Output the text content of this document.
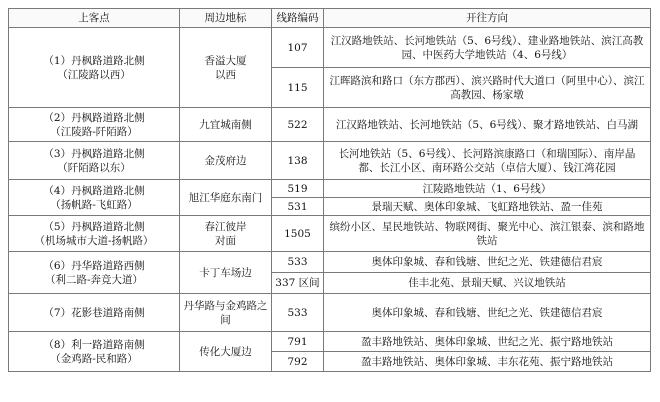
上客点	周边地标	线路编码	开往方向

（1）丹枫路道路北侧
（江陵路以西）	香溢大厦
以西	107	江汉路地铁站、长河地铁站（5、6号线）、建业路地铁站、滨江高教
园、中医药大学地铁站（4、6号线）

		115	江晖路滨和路口（东方郡西）、滨兴路时代大道口（阿里中心）、滨江
高教园、杨家墩

（2）丹枫路道路北侧
（江陵路-阡陌路）	九宜城南侧	522	江汉路地铁站、长河地铁站（5、6号线）、聚才路地铁站、白马湖

（3）丹枫路道路北侧
（阡陌路以东）	金茂府边	138	长河地铁站（5、6号线）、长河路滨康路口（和瑞国际）、南岸晶
都、长江小区、南环路公交站（卓信大厦）、钱江湾花园

（4）丹枫路道路北侧
（扬帆路-飞虹路）	旭江华庭东南门	519	江陵路地铁站（1、6号线）
		531	景瑞天赋、奥体印象城、飞虹路地铁站、盈一佳苑

（5）丹枫路道路北侧
（机场城市大道-扬帆路）	春江彼岸
对面	1505	缤纷小区、星民地铁站、物联网街、聚光中心、滨江银泰、滨和路地铁站

（6）丹华路道路西侧
（利二路-奔竞大道）	卡丁车场边	533	奥体印象城、春和钱塘、世纪之光、铁建德信君宸
		337 区间	佳丰北苑、景瑞天赋、兴议地铁站
（7）花影巷道路南侧	丹华路与金鸡路之
间	533	奥体印象城、春和钱塘、世纪之光、铁建德信君宸

（8）利一路道路南侧
（金鸡路-民和路）	传化大厦边	791	盈丰路地铁站、奥体印象城、世纪之光、振宁路地铁站
		792	盈丰路地铁站、奥体印象城、丰东花苑、振宁路地铁站
